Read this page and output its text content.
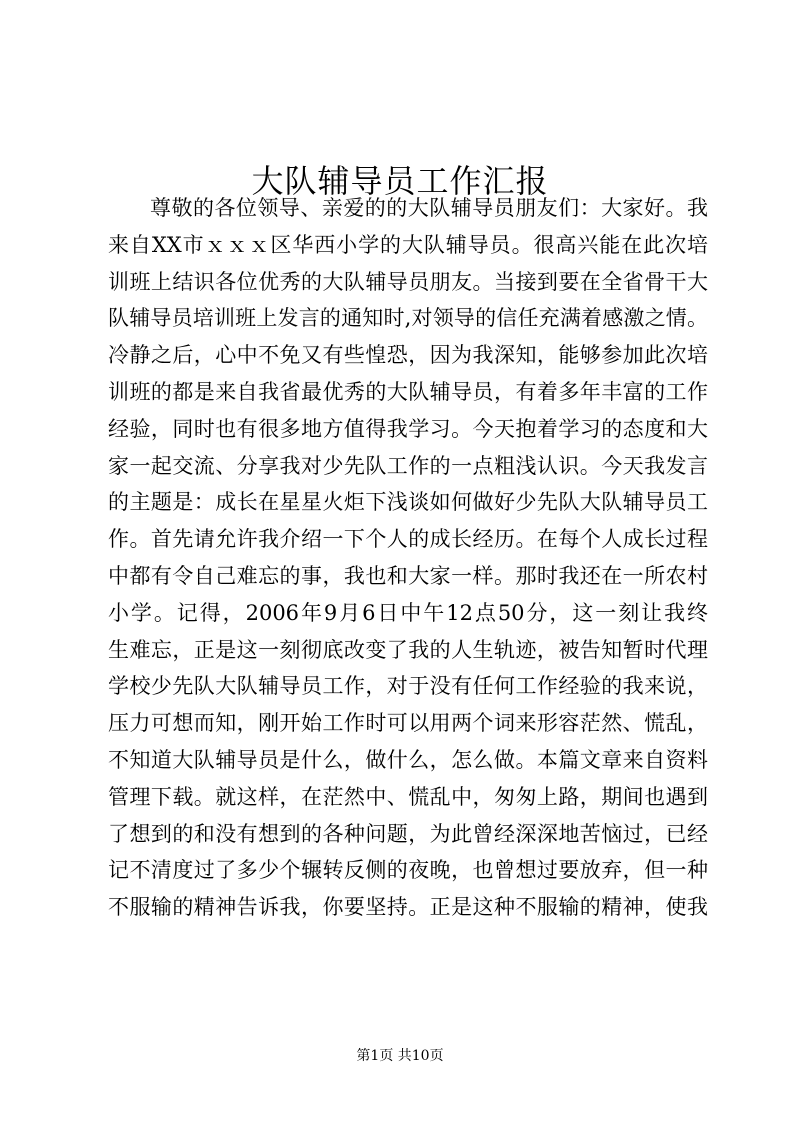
大队辅导员工作汇报
尊敬的各位领导、亲爱的的大队辅导员朋友们：大家好。我
来自XX市ｘｘｘ区华西小学的大队辅导员。很高兴能在此次培
训班上结识各位优秀的大队辅导员朋友。当接到要在全省骨干大
队辅导员培训班上发言的通知时,对领导的信任充满着感激之情。
冷静之后，心中不免又有些惶恐，因为我深知，能够参加此次培
训班的都是来自我省最优秀的大队辅导员，有着多年丰富的工作
经验，同时也有很多地方值得我学习。今天抱着学习的态度和大
家一起交流、分享我对少先队工作的一点粗浅认识。今天我发言
的主题是：成长在星星火炬下浅谈如何做好少先队大队辅导员工
作。首先请允许我介绍一下个人的成长经历。在每个人成长过程
中都有令自己难忘的事，我也和大家一样。那时我还在一所农村
小学。记得，2006年9月6日中午12点50分，这一刻让我终
生难忘，正是这一刻彻底改变了我的人生轨迹，被告知暂时代理
学校少先队大队辅导员工作，对于没有任何工作经验的我来说，
压力可想而知，刚开始工作时可以用两个词来形容茫然、慌乱，
不知道大队辅导员是什么，做什么，怎么做。本篇文章来自资料
管理下载。就这样，在茫然中、慌乱中，匆匆上路，期间也遇到
了想到的和没有想到的各种问题，为此曾经深深地苦恼过，已经
记不清度过了多少个辗转反侧的夜晚，也曾想过要放弃，但一种
不服输的精神告诉我，你要坚持。正是这种不服输的精神，使我
第1页 共10页
